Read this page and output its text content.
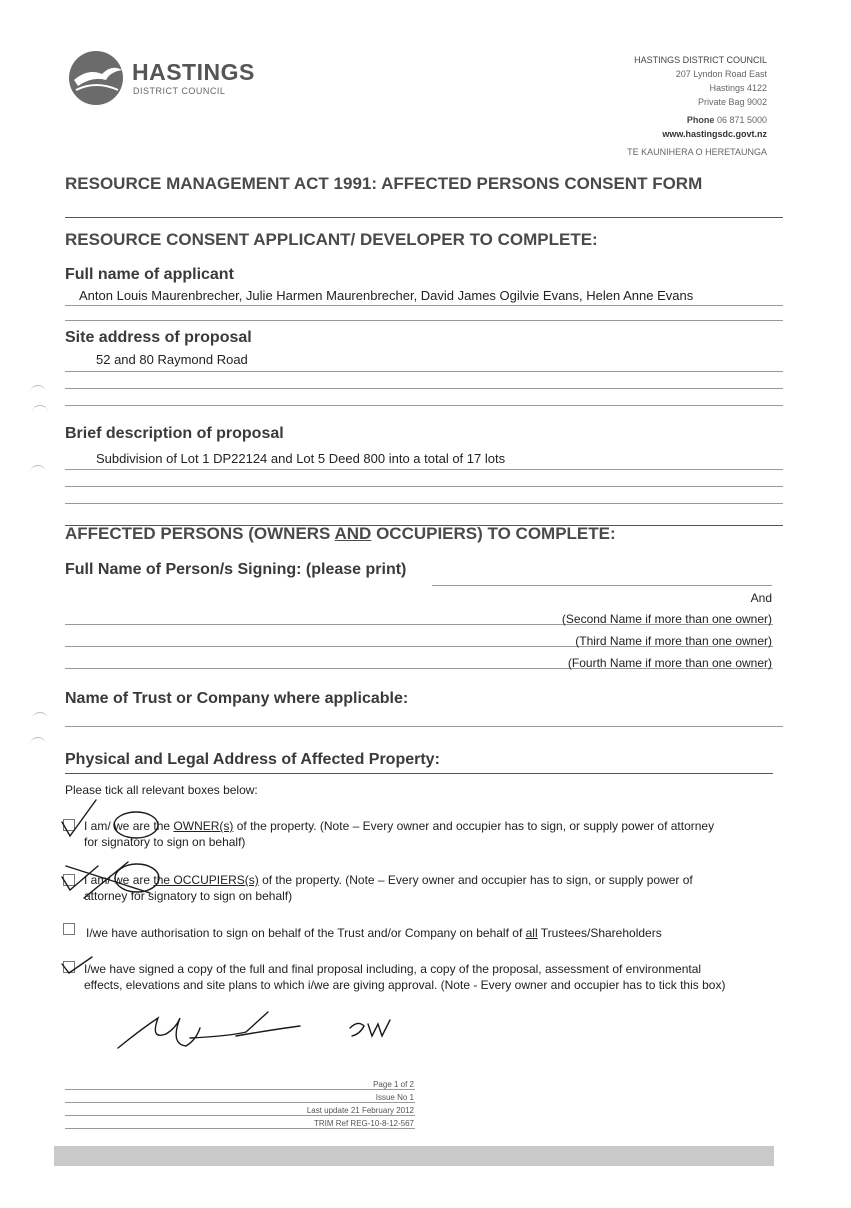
HASTINGS
DISTRICT COUNCIL
HASTINGS DISTRICT COUNCIL
207 Lyndon Road East
Hastings 4122
Private Bag 9002
Phone 06 871 5000
www.hastingsdc.govt.nz
TE KAUNIHERA O HERETAUNGA
RESOURCE MANAGEMENT ACT 1991: AFFECTED PERSONS CONSENT FORM
RESOURCE CONSENT APPLICANT/ DEVELOPER TO COMPLETE:
Full name of applicant
Anton Louis Maurenbrecher, Julie Harmen Maurenbrecher, David James Ogilvie Evans, Helen Anne Evans
Site address of proposal
52 and 80 Raymond Road
Brief description of proposal
Subdivision of Lot 1 DP22124 and Lot 5 Deed 800 into a total of 17 lots
AFFECTED PERSONS (OWNERS AND OCCUPIERS) TO COMPLETE:
Full Name of Person/s Signing: (please print)
And
(Second Name if more than one owner)
(Third Name if more than one owner)
(Fourth Name if more than one owner)
Name of Trust or Company where applicable:
Physical and Legal Address of Affected Property:
Please tick all relevant boxes below:
I am/ we are the OWNER(s) of the property. (Note – Every owner and occupier has to sign, or supply power of attorney
for signatory to sign on behalf)
I am/ we are the OCCUPIERS(s) of the property. (Note – Every owner and occupier has to sign, or supply power of
attorney for signatory to sign on behalf)
I/we have authorisation to sign on behalf of the Trust and/or Company on behalf of all Trustees/Shareholders
I/we have signed a copy of the full and final proposal including, a copy of the proposal, assessment of environmental
effects, elevations and site plans to which i/we are giving approval. (Note - Every owner and occupier has to tick this box)
Page 1 of 2
Issue No 1
Last update 21 February 2012
TRIM Ref REG-10-8-12-567
